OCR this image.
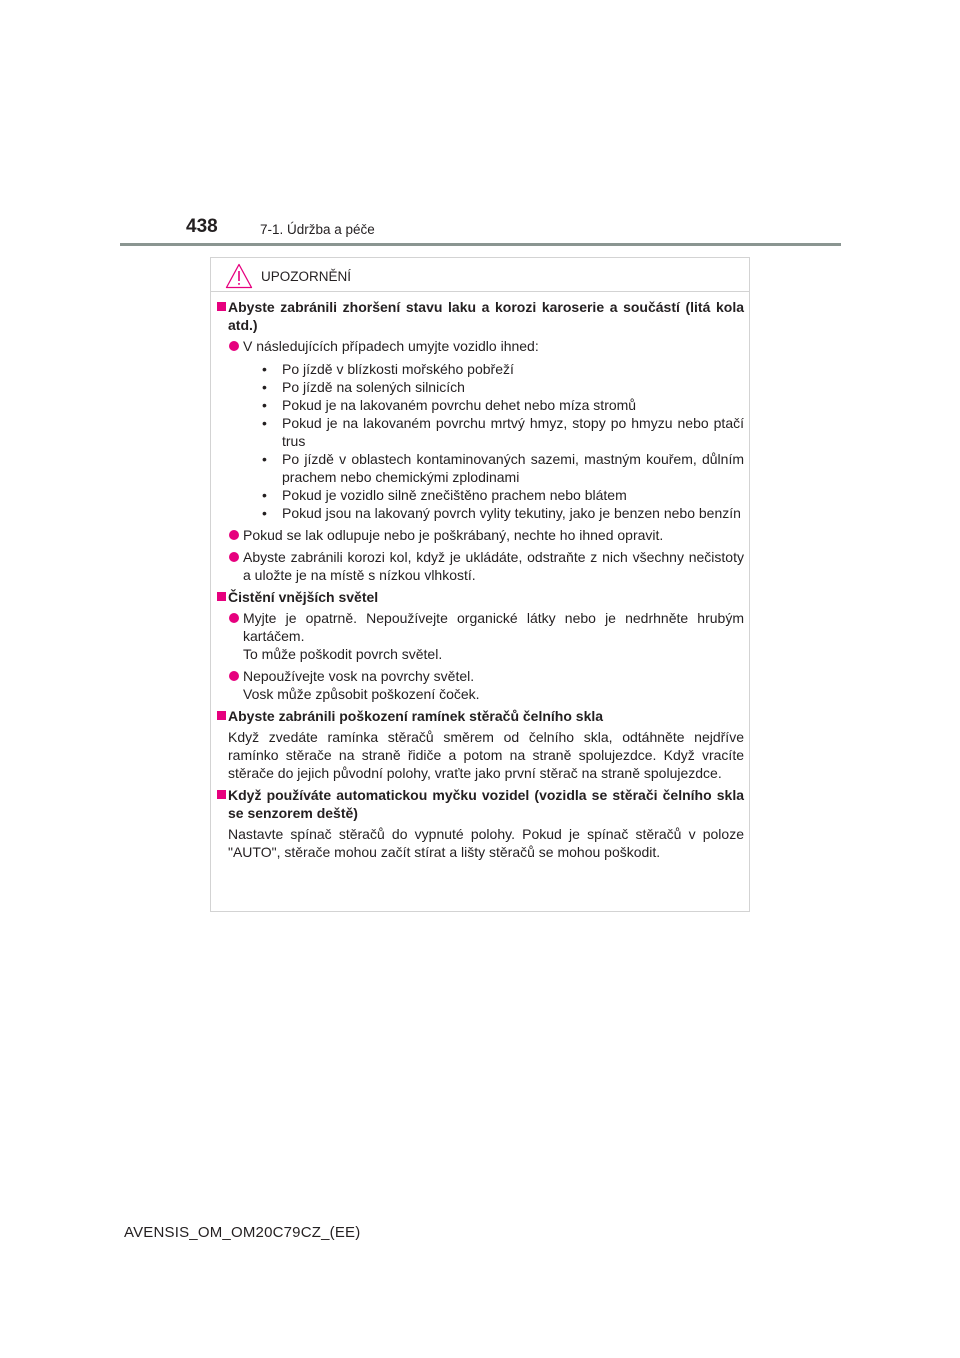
438	7-1. Údržba a péče
UPOZORNĚNÍ
Abyste zabránili zhoršení stavu laku a korozi karoserie a součástí (litá kola atd.)
V následujících případech umyjte vozidlo ihned:
• Po jízdě v blízkosti mořského pobřeží
• Po jízdě na solených silnicích
• Pokud je na lakovaném povrchu dehet nebo míza stromů
• Pokud je na lakovaném povrchu mrtvý hmyz, stopy po hmyzu nebo ptačí trus
• Po jízdě v oblastech kontaminovaných sazemi, mastným kouřem, důlním prachem nebo chemickými zplodinami
• Pokud je vozidlo silně znečištěno prachem nebo blátem
• Pokud jsou na lakovaný povrch vylity tekutiny, jako je benzen nebo benzín
Pokud se lak odlupuje nebo je poškrábaný, nechte ho ihned opravit.
Abyste zabránili korozi kol, když je ukládáte, odstraňte z nich všechny nečistoty a uložte je na místě s nízkou vlhkostí.
Čistění vnějších světel
Myjte je opatrně. Nepoužívejte organické látky nebo je nedrhněte hrubým kartáčem.
To může poškodit povrch světel.
Nepoužívejte vosk na povrchy světel.
Vosk může způsobit poškození čoček.
Abyste zabránili poškození ramínek stěračů čelního skla
Když zvedáte ramínka stěračů směrem od čelního skla, odtáhněte nejdříve ramínko stěrače na straně řidiče a potom na straně spolujezdce. Když vracíte stěrače do jejich původní polohy, vraťte jako první stěrač na straně spolujezdce.
Když používáte automatickou myčku vozidel (vozidla se stěrači čelního skla se senzorem deště)
Nastavte spínač stěračů do vypnuté polohy. Pokud je spínač stěračů v poloze "AUTO", stěrače mohou začít stírat a lišty stěračů se mohou poškodit.
AVENSIS_OM_OM20C79CZ_(EE)
